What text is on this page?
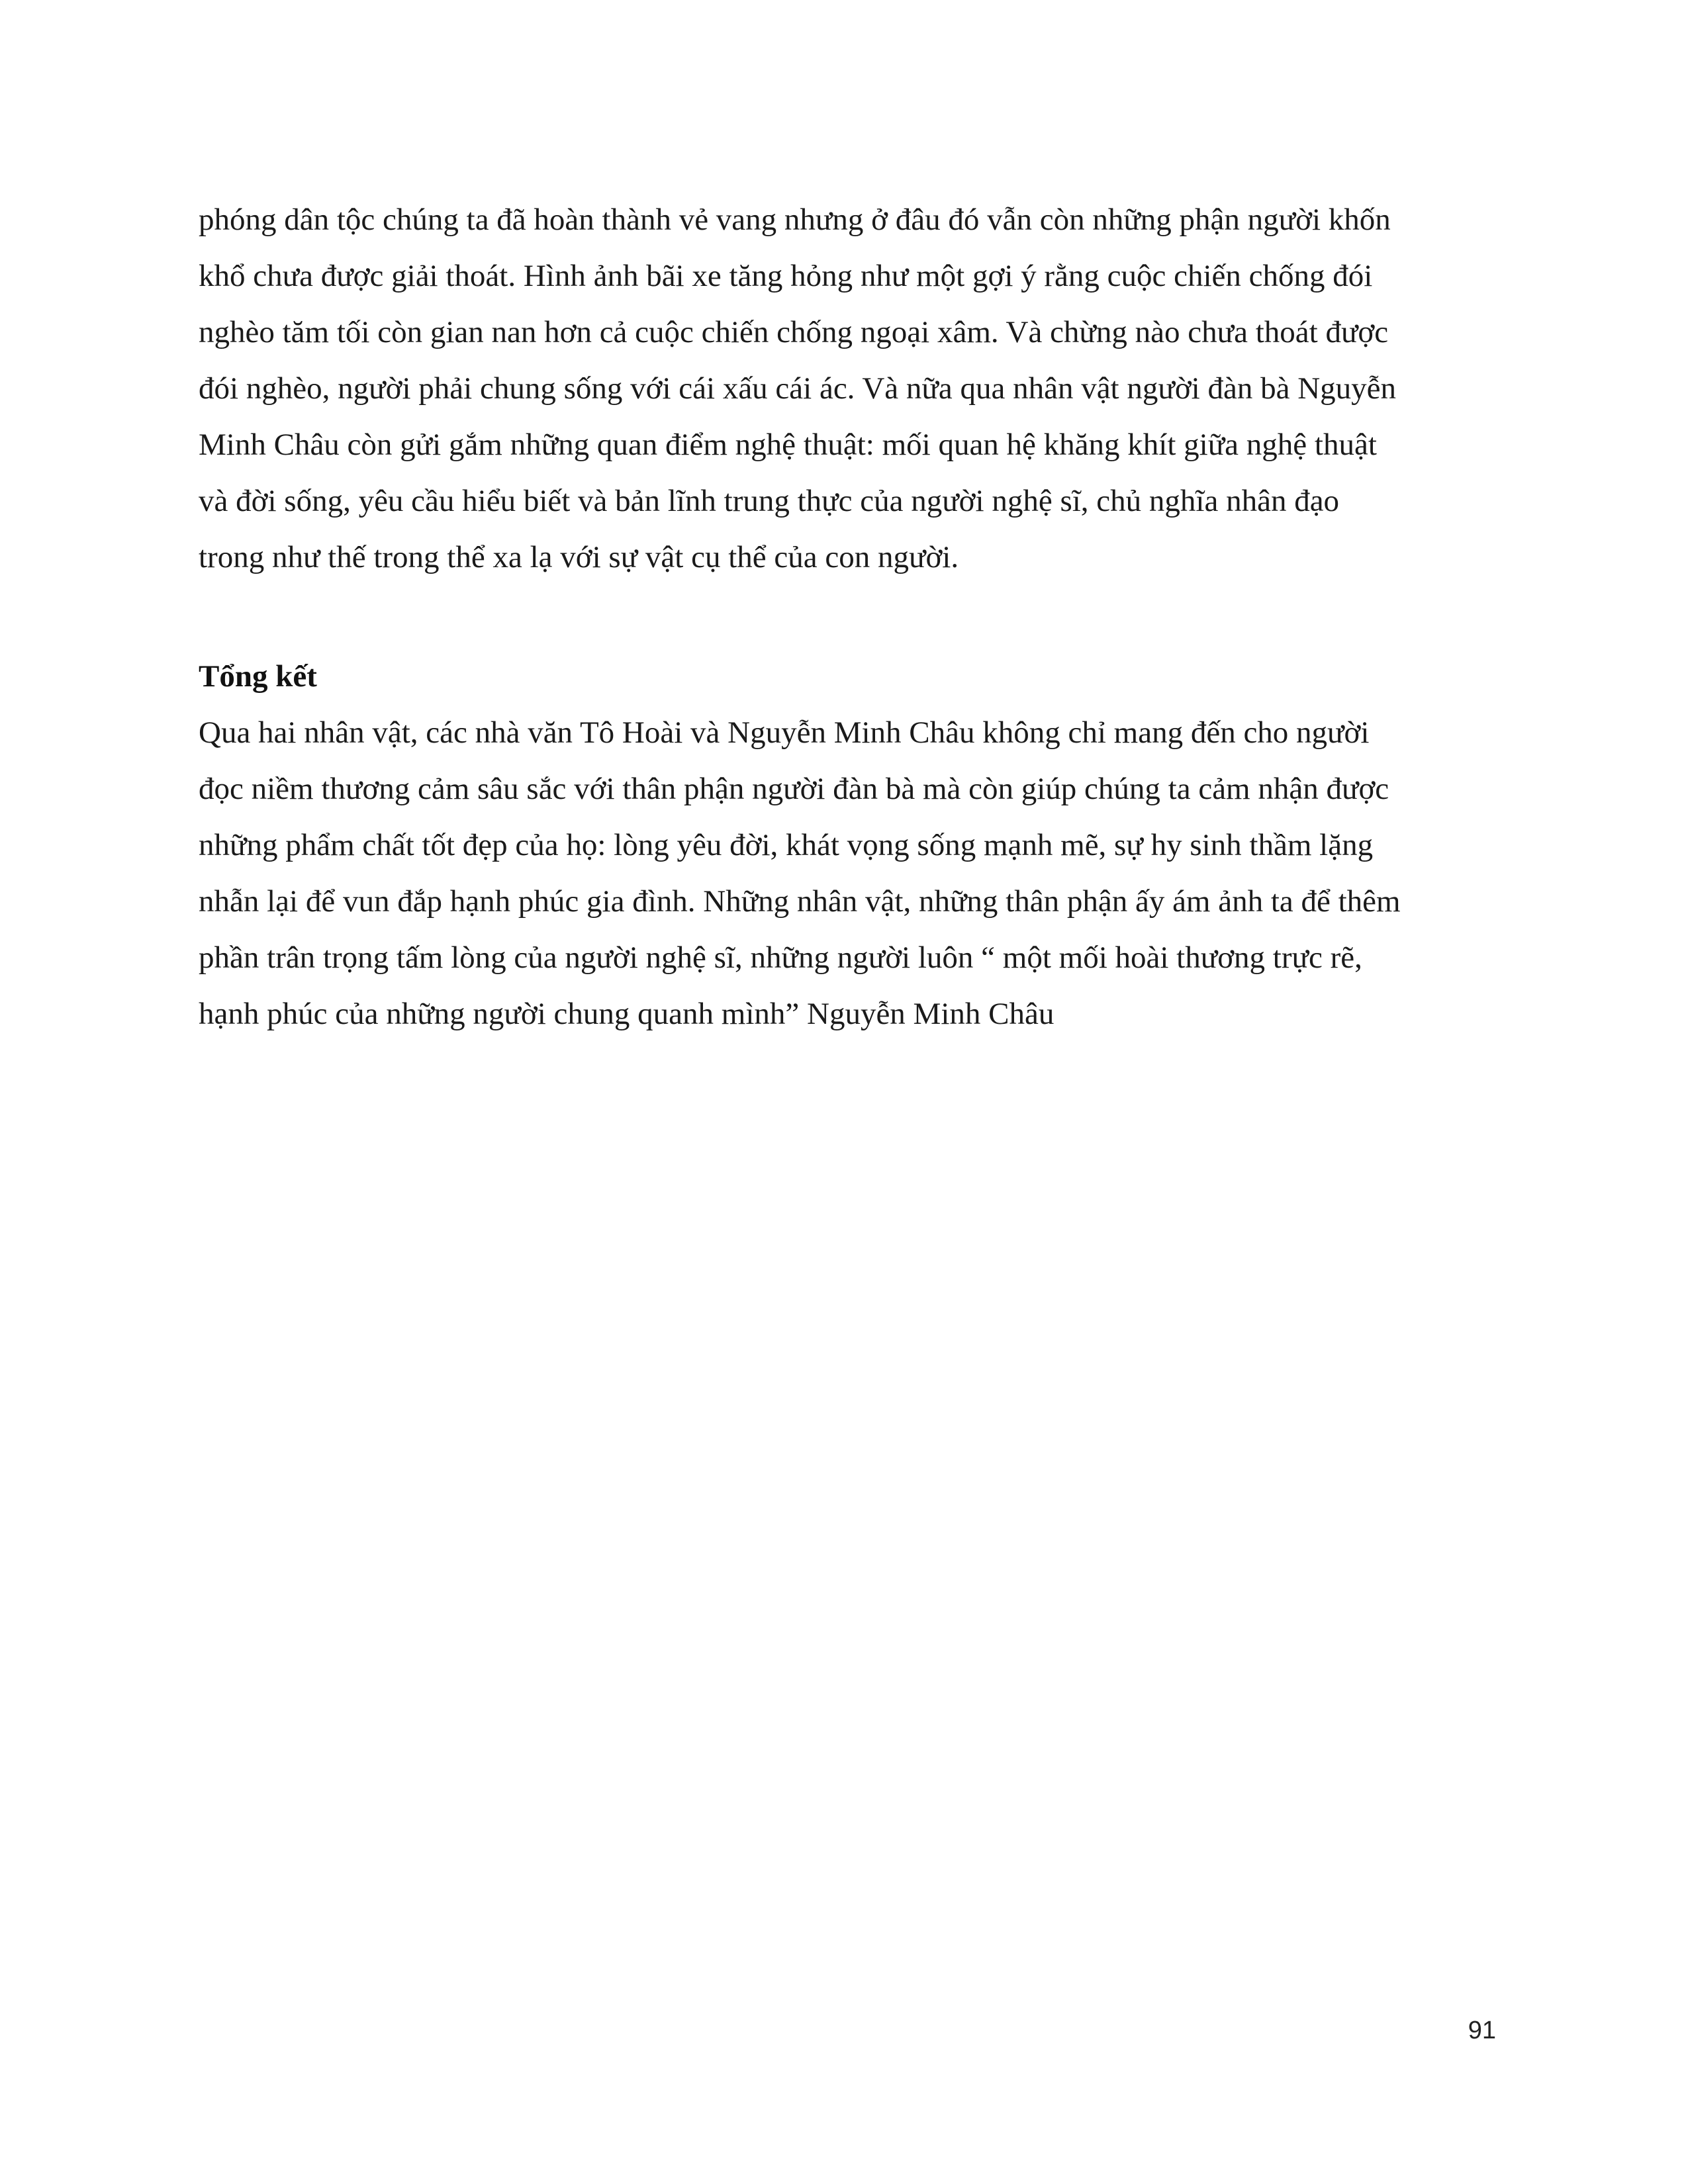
phóng dân tộc chúng ta đã hoàn thành vẻ vang nhưng ở đâu đó vẫn còn những phận người khốn
khổ chưa được giải thoát. Hình ảnh bãi xe tăng hỏng như một gợi ý rằng cuộc chiến chống đói
nghèo tăm tối còn gian nan hơn cả cuộc chiến chống ngoại xâm. Và chừng nào chưa thoát được
đói nghèo, người phải chung sống với cái xấu cái ác. Và nữa qua nhân vật người đàn bà Nguyễn
Minh Châu còn gửi gắm những quan điểm nghệ thuật: mối quan hệ khăng khít giữa nghệ thuật
và đời sống, yêu cầu hiểu biết và bản lĩnh trung thực của người nghệ sĩ, chủ nghĩa nhân đạo
trong như thế trong thể xa lạ với sự vật cụ thể của con người.
Tổng kết
Qua hai nhân vật, các nhà văn Tô Hoài và Nguyễn Minh Châu không chỉ mang đến cho người
đọc niềm thương cảm sâu sắc với thân phận người đàn bà mà còn giúp chúng ta cảm nhận được
những phẩm chất tốt đẹp của họ: lòng yêu đời, khát vọng sống mạnh mẽ, sự hy sinh thầm lặng
nhẫn lại để vun đắp hạnh phúc gia đình. Những nhân vật, những thân phận ấy ám ảnh ta để thêm
phần trân trọng tấm lòng của người nghệ sĩ, những người luôn “ một mối hoài thương trực rẽ,
hạnh phúc của những người chung quanh mình” Nguyễn Minh Châu
91
